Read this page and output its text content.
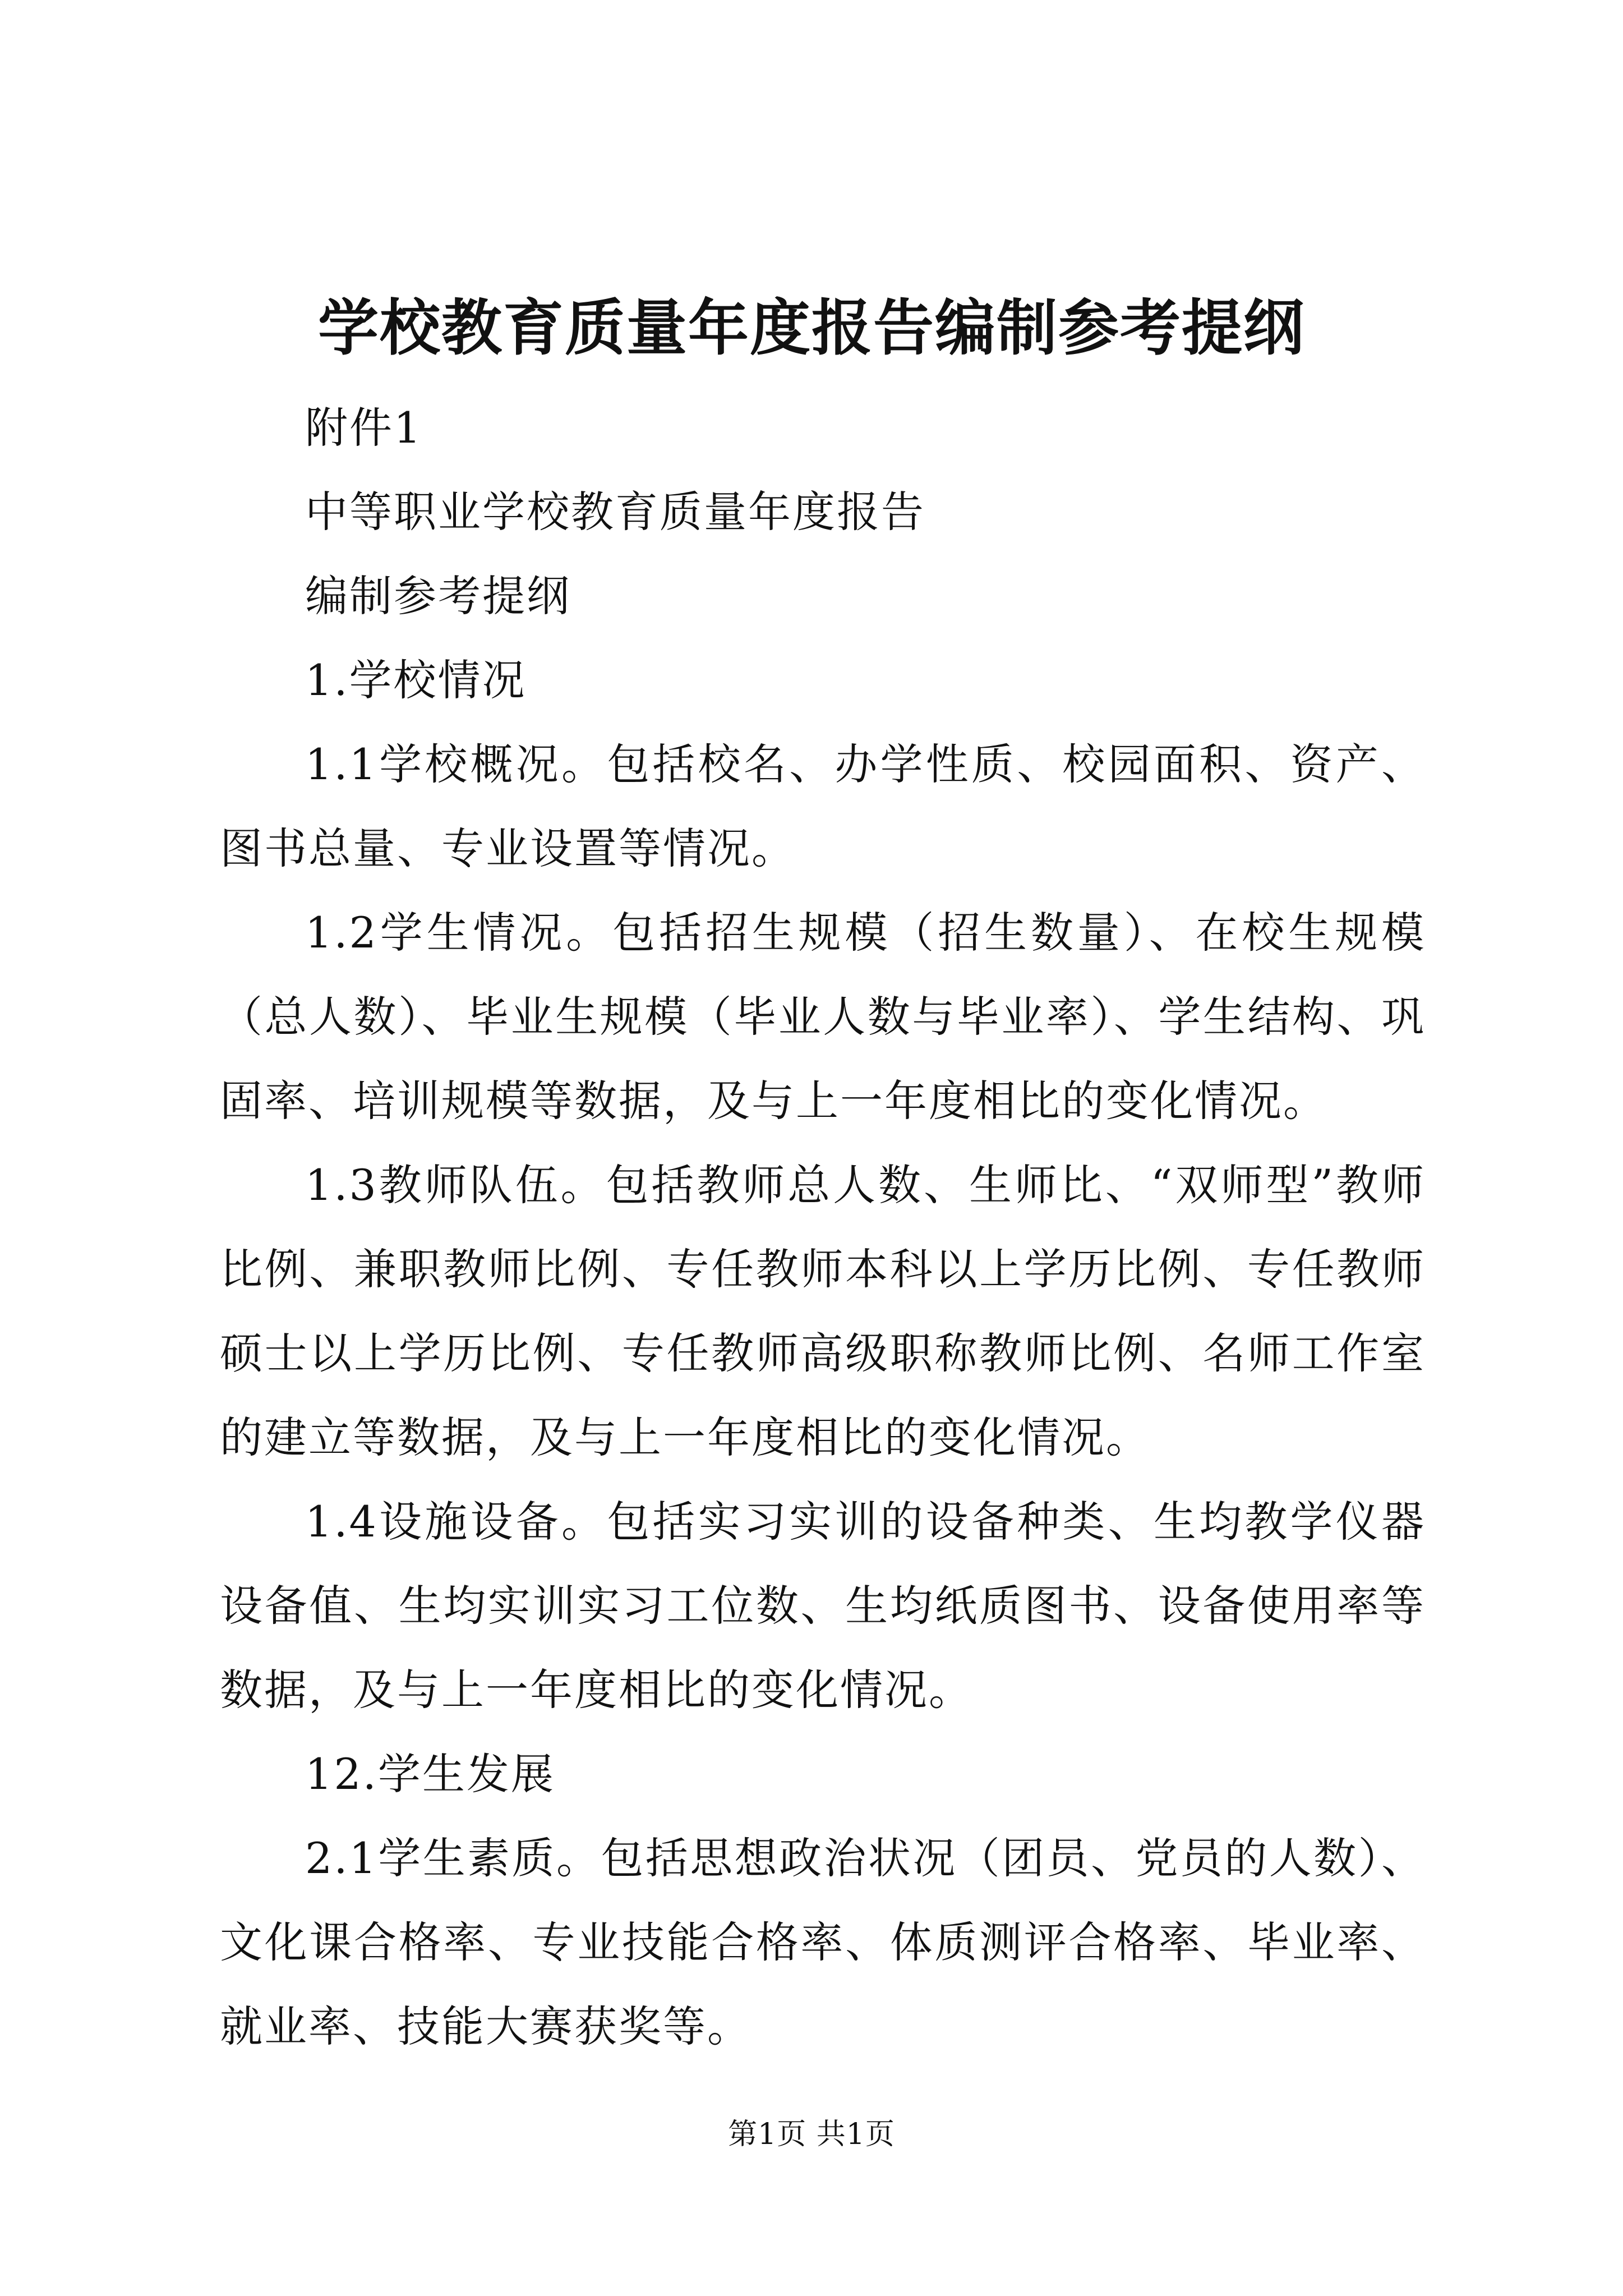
学校教育质量年度报告编制参考提纲

附件1

中等职业学校教育质量年度报告

编制参考提纲

1.学校情况

1.1学校概况。包括校名、办学性质、校园面积、资产、图书总量、专业设置等情况。

1.2学生情况。包括招生规模（招生数量）、在校生规模（总人数）、毕业生规模（毕业人数与毕业率）、学生结构、巩固率、培训规模等数据，及与上一年度相比的变化情况。

1.3教师队伍。包括教师总人数、生师比、“双师型”教师比例、兼职教师比例、专任教师本科以上学历比例、专任教师硕士以上学历比例、专任教师高级职称教师比例、名师工作室的建立等数据，及与上一年度相比的变化情况。

1.4设施设备。包括实习实训的设备种类、生均教学仪器设备值、生均实训实习工位数、生均纸质图书、设备使用率等数据，及与上一年度相比的变化情况。

12.学生发展

2.1学生素质。包括思想政治状况（团员、党员的人数）、文化课合格率、专业技能合格率、体质测评合格率、毕业率、就业率、技能大赛获奖等。

第1页 共1页
